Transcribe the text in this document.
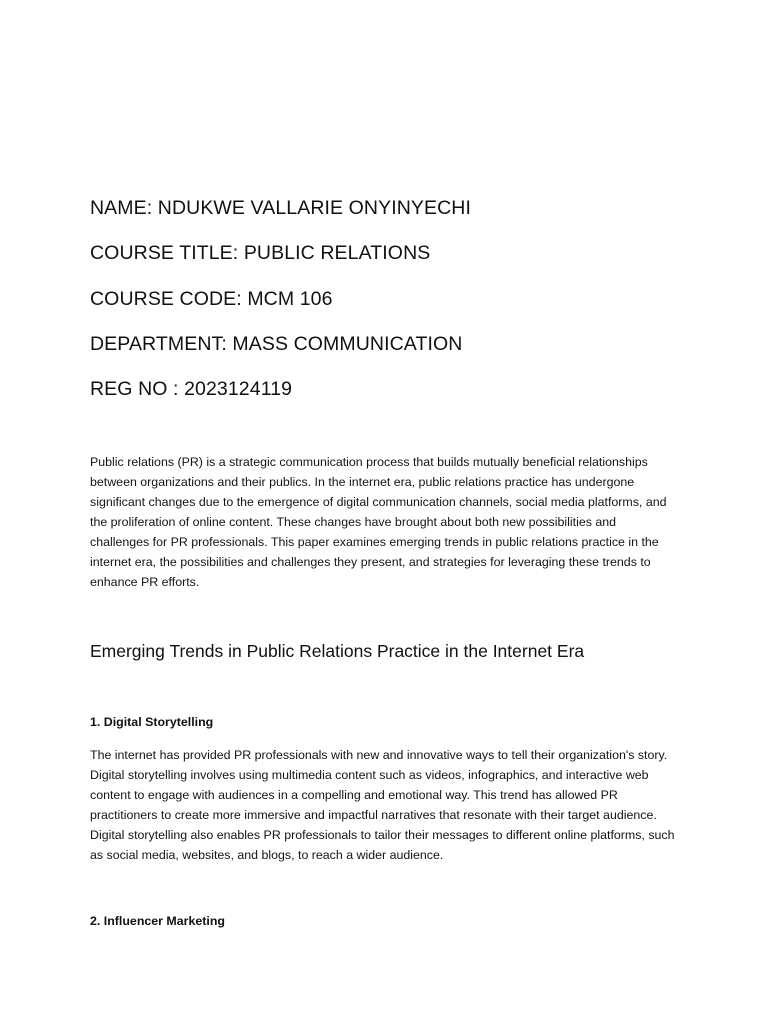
NAME: NDUKWE VALLARIE ONYINYECHI

COURSE TITLE: PUBLIC RELATIONS

COURSE CODE: MCM 106

DEPARTMENT: MASS COMMUNICATION

REG NO : 2023124119

Public relations (PR) is a strategic communication process that builds mutually beneficial relationships between organizations and their publics. In the internet era, public relations practice has undergone significant changes due to the emergence of digital communication channels, social media platforms, and the proliferation of online content. These changes have brought about both new possibilities and challenges for PR professionals. This paper examines emerging trends in public relations practice in the internet era, the possibilities and challenges they present, and strategies for leveraging these trends to enhance PR efforts.

Emerging Trends in Public Relations Practice in the Internet Era
1. Digital Storytelling

The internet has provided PR professionals with new and innovative ways to tell their organization's story. Digital storytelling involves using multimedia content such as videos, infographics, and interactive web content to engage with audiences in a compelling and emotional way. This trend has allowed PR practitioners to create more immersive and impactful narratives that resonate with their target audience. Digital storytelling also enables PR professionals to tailor their messages to different online platforms, such as social media, websites, and blogs, to reach a wider audience.

2. Influencer Marketing
